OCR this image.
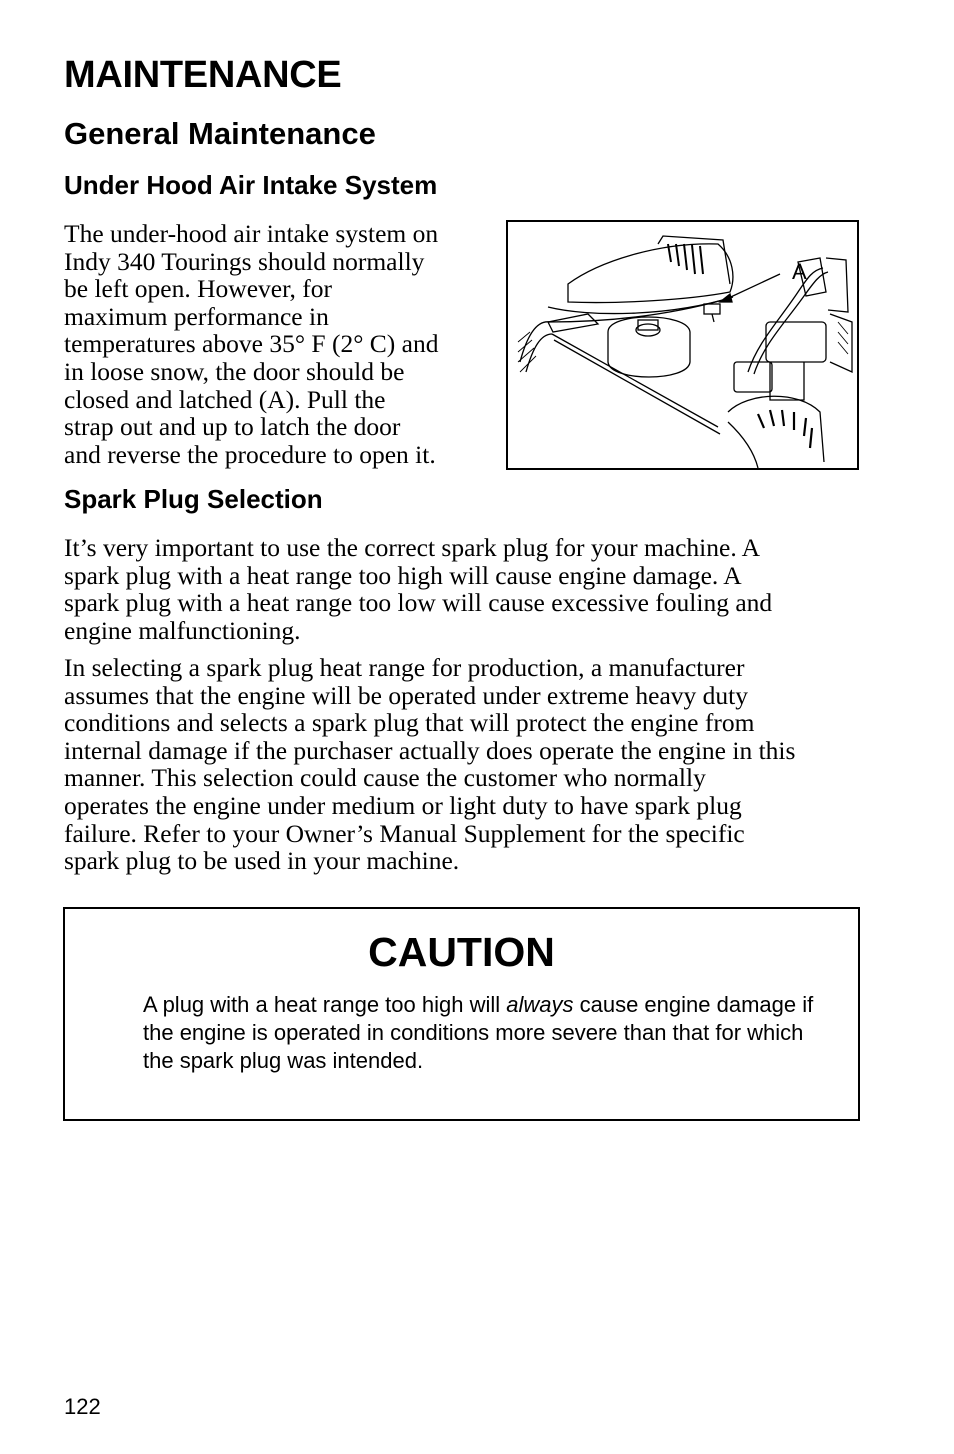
MAINTENANCE
General Maintenance
Under Hood Air Intake System

The under-hood air intake system on
Indy 340 Tourings should normally
be left open. However, for
maximum performance in
temperatures above 35° F (2° C) and
in loose snow, the door should be
closed and latched (A). Pull the
strap out and up to latch the door
and reverse the procedure to open it.

A
Spark Plug Selection

It’s very important to use the correct spark plug for your machine. A
spark plug with a heat range too high will cause engine damage. A
spark plug with a heat range too low will cause excessive fouling and
engine malfunctioning.

In selecting a spark plug heat range for production, a manufacturer
assumes that the engine will be operated under extreme heavy duty
conditions and selects a spark plug that will protect the engine from
internal damage if the purchaser actually does operate the engine in this
manner. This selection could cause the customer who normally
operates the engine under medium or light duty to have spark plug
failure. Refer to your Owner’s Manual Supplement for the specific
spark plug to be used in your machine.

CAUTION

A plug with a heat range too high will always cause engine damage if the engine is operated in conditions more severe than that for which the spark plug was intended.

122
